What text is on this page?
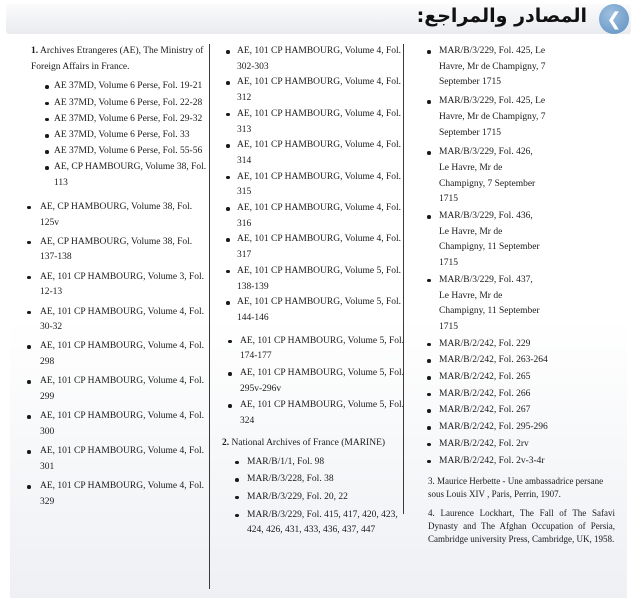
المصادر والمراجع:	❮
1. Archives Etrangeres (AE), The Ministry of Foreign Affairs in France.
AE 37MD, Volume 6 Perse, Fol. 19-21
AE 37MD, Volume 6 Perse, Fol. 22-28
AE 37MD, Volume 6 Perse, Fol. 29-32
AE 37MD, Volume 6 Perse, Fol. 33
AE 37MD, Volume 6 Perse, Fol. 55-56
AE, CP HAMBOURG, Volume 38, Fol. 113
AE, CP HAMBOURG, Volume 38, Fol. 125v
AE, CP HAMBOURG, Volume 38, Fol. 137-138
AE, 101 CP HAMBOURG, Volume 3, Fol. 12-13
AE, 101 CP HAMBOURG, Volume 4, Fol. 30-32
AE, 101 CP HAMBOURG, Volume 4, Fol. 298
AE, 101 CP HAMBOURG, Volume 4, Fol. 299
AE, 101 CP HAMBOURG, Volume 4, Fol. 300
AE, 101 CP HAMBOURG, Volume 4, Fol. 301
AE, 101 CP HAMBOURG, Volume 4, Fol. 329
AE, 101 CP HAMBOURG, Volume 4, Fol. 302-303
AE, 101 CP HAMBOURG, Volume 4, Fol. 312
AE, 101 CP HAMBOURG, Volume 4, Fol. 313
AE, 101 CP HAMBOURG, Volume 4, Fol. 314
AE, 101 CP HAMBOURG, Volume 4, Fol. 315
AE, 101 CP HAMBOURG, Volume 4, Fol. 316
AE, 101 CP HAMBOURG, Volume 4, Fol. 317
AE, 101 CP HAMBOURG, Volume 5, Fol. 138-139
AE, 101 CP HAMBOURG, Volume 5, Fol. 144-146
AE, 101 CP HAMBOURG, Volume 5, Fol. 174-177
AE, 101 CP HAMBOURG, Volume 5, Fol. 295v-296v
AE, 101 CP HAMBOURG, Volume 5, Fol. 324
2. National Archives of France (MARINE)
MAR/B/1/1, Fol. 98
MAR/B/3/228, Fol. 38
MAR/B/3/229, Fol. 20, 22
MAR/B/3/229, Fol. 415, 417, 420, 423, 424, 426, 431, 433, 436, 437, 447
MAR/B/3/229, Fol. 425, Le Havre, Mr de Champigny, 7 September 1715
MAR/B/3/229, Fol. 425, Le Havre, Mr de Champigny, 7 September 1715
MAR/B/3/229, Fol. 426, Le Havre, Mr de Champigny, 7 September 1715
MAR/B/3/229, Fol. 436, Le Havre, Mr de Champigny, 11 September 1715
MAR/B/3/229, Fol. 437, Le Havre, Mr de Champigny, 11 September 1715
MAR/B/2/242, Fol. 229
MAR/B/2/242, Fol. 263-264
MAR/B/2/242, Fol. 265
MAR/B/2/242, Fol. 266
MAR/B/2/242, Fol. 267
MAR/B/2/242, Fol. 295-296
MAR/B/2/242, Fol. 2rv
MAR/B/2/242, Fol. 2v-3-4r
3. Maurice Herbette - Une ambassadrice persane sous Louis XIV , Paris, Perrin, 1907.
4. Laurence Lockhart, The Fall of The Safavi Dynasty and The Afghan Occupation of Persia, Cambridge university Press, Cambridge, UK, 1958.
